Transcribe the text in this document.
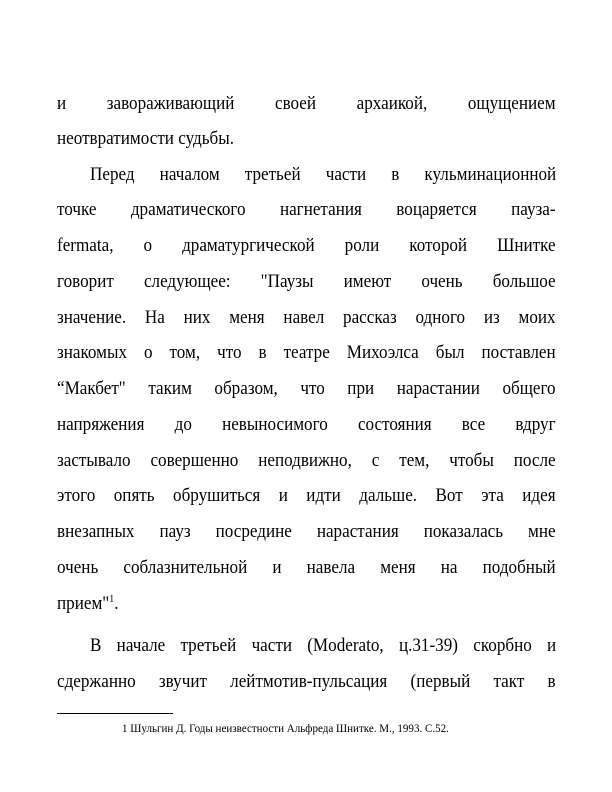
и завораживающий своей архаикой, ощущением
неотвратимости судьбы.
Перед началом третьей части в кульминационной
точке драматического нагнетания воцаряется пауза-
fermata, о драматургической роли которой Шнитке
говорит следующее: "Паузы имеют очень большое
значение. На них меня навел рассказ одного из моих
знакомых о том, что в театре Михоэлса был поставлен
“Макбет" таким образом, что при нарастании общего
напряжения до невыносимого состояния все вдруг
застывало совершенно неподвижно, с тем, чтобы после
этого опять обрушиться и идти дальше. Вот эта идея
внезапных пауз посредине нарастания показалась мне
очень соблазнительной и навела меня на подобный
прием"$^1$.
В начале третьей части (Moderato, ц.31-39) скорбно и
сдержанно звучит лейтмотив-пульсация (первый такт в
1 Шульгин Д. Годы неизвестности Альфреда Шнитке. М., 1993. С.52.
